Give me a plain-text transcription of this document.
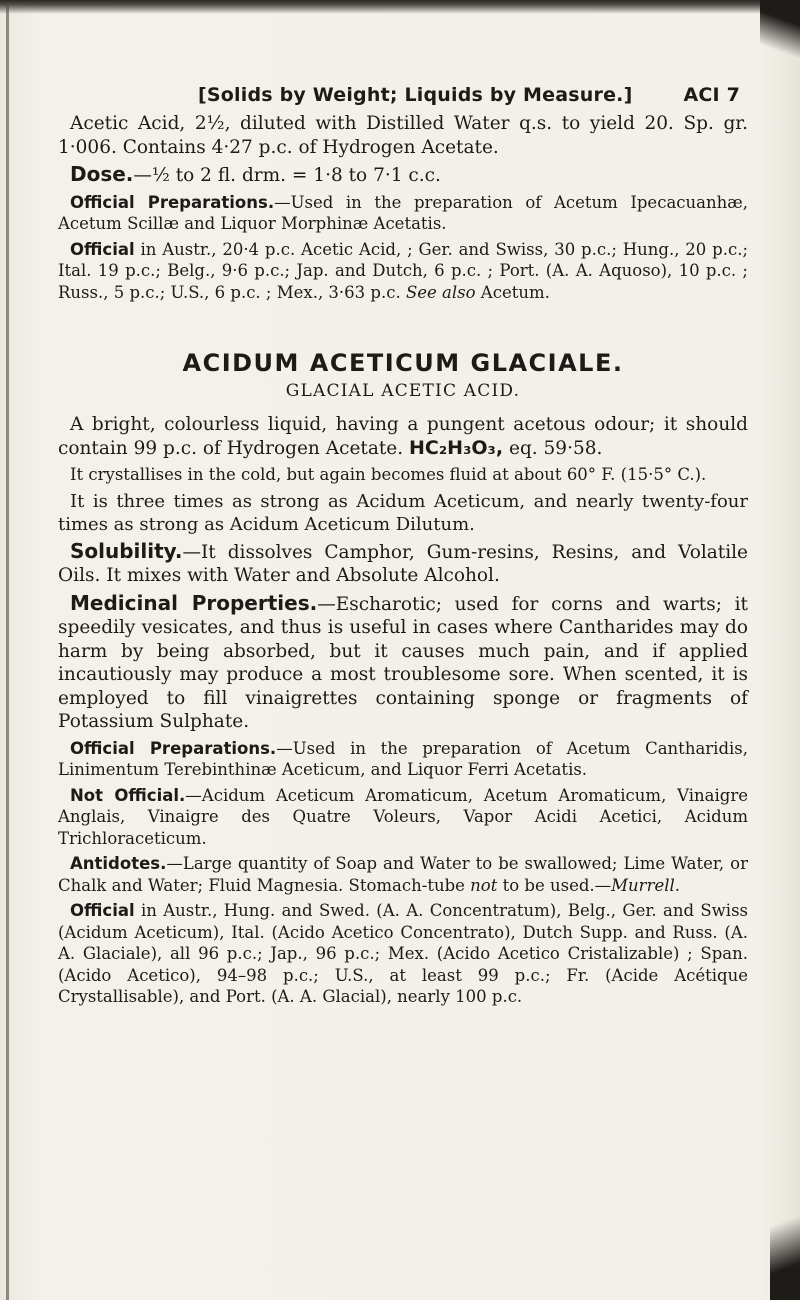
[Solids by Weight; Liquids by Measure.]	ACI 7

Acetic Acid, 2½, diluted with Distilled Water q.s. to yield 20. Sp. gr. 1·006. Contains 4·27 p.c. of Hydrogen Acetate.

Dose.—½ to 2 fl. drm. = 1·8 to 7·1 c.c.

Official Preparations.—Used in the preparation of Acetum Ipecacuanhæ, Acetum Scillæ and Liquor Morphinæ Acetatis.

Official in Austr., 20·4 p.c. Acetic Acid, ; Ger. and Swiss, 30 p.c.; Hung., 20 p.c.; Ital. 19 p.c.; Belg., 9·6 p.c.; Jap. and Dutch, 6 p.c. ; Port. (A. A. Aquoso), 10 p.c. ; Russ., 5 p.c.; U.S., 6 p.c. ; Mex., 3·63 p.c. See also Acetum.

ACIDUM ACETICUM GLACIALE.
GLACIAL ACETIC ACID.

A bright, colourless liquid, having a pungent acetous odour; it should contain 99 p.c. of Hydrogen Acetate. HC₂H₃O₃, eq. 59·58.

It crystallises in the cold, but again becomes fluid at about 60° F. (15·5° C.).

It is three times as strong as Acidum Aceticum, and nearly twenty-four times as strong as Acidum Aceticum Dilutum.

Solubility.—It dissolves Camphor, Gum-resins, Resins, and Volatile Oils. It mixes with Water and Absolute Alcohol.

Medicinal Properties.—Escharotic; used for corns and warts; it speedily vesicates, and thus is useful in cases where Cantharides may do harm by being absorbed, but it causes much pain, and if applied incautiously may produce a most troublesome sore. When scented, it is employed to fill vinaigrettes containing sponge or fragments of Potassium Sulphate.

Official Preparations.—Used in the preparation of Acetum Cantharidis, Linimentum Terebinthinæ Aceticum, and Liquor Ferri Acetatis.

Not Official.—Acidum Aceticum Aromaticum, Acetum Aromaticum, Vinaigre Anglais, Vinaigre des Quatre Voleurs, Vapor Acidi Acetici, Acidum Trichloraceticum.

Antidotes.—Large quantity of Soap and Water to be swallowed; Lime Water, or Chalk and Water; Fluid Magnesia. Stomach-tube not to be used.—Murrell.

Official in Austr., Hung. and Swed. (A. A. Concentratum), Belg., Ger. and Swiss (Acidum Aceticum), Ital. (Acido Acetico Concentrato), Dutch Supp. and Russ. (A. A. Glaciale), all 96 p.c.; Jap., 96 p.c.; Mex. (Acido Acetico Cristalizable) ; Span. (Acido Acetico), 94–98 p.c.; U.S., at least 99 p.c.; Fr. (Acide Acétique Crystallisable), and Port. (A. A. Glacial), nearly 100 p.c.
